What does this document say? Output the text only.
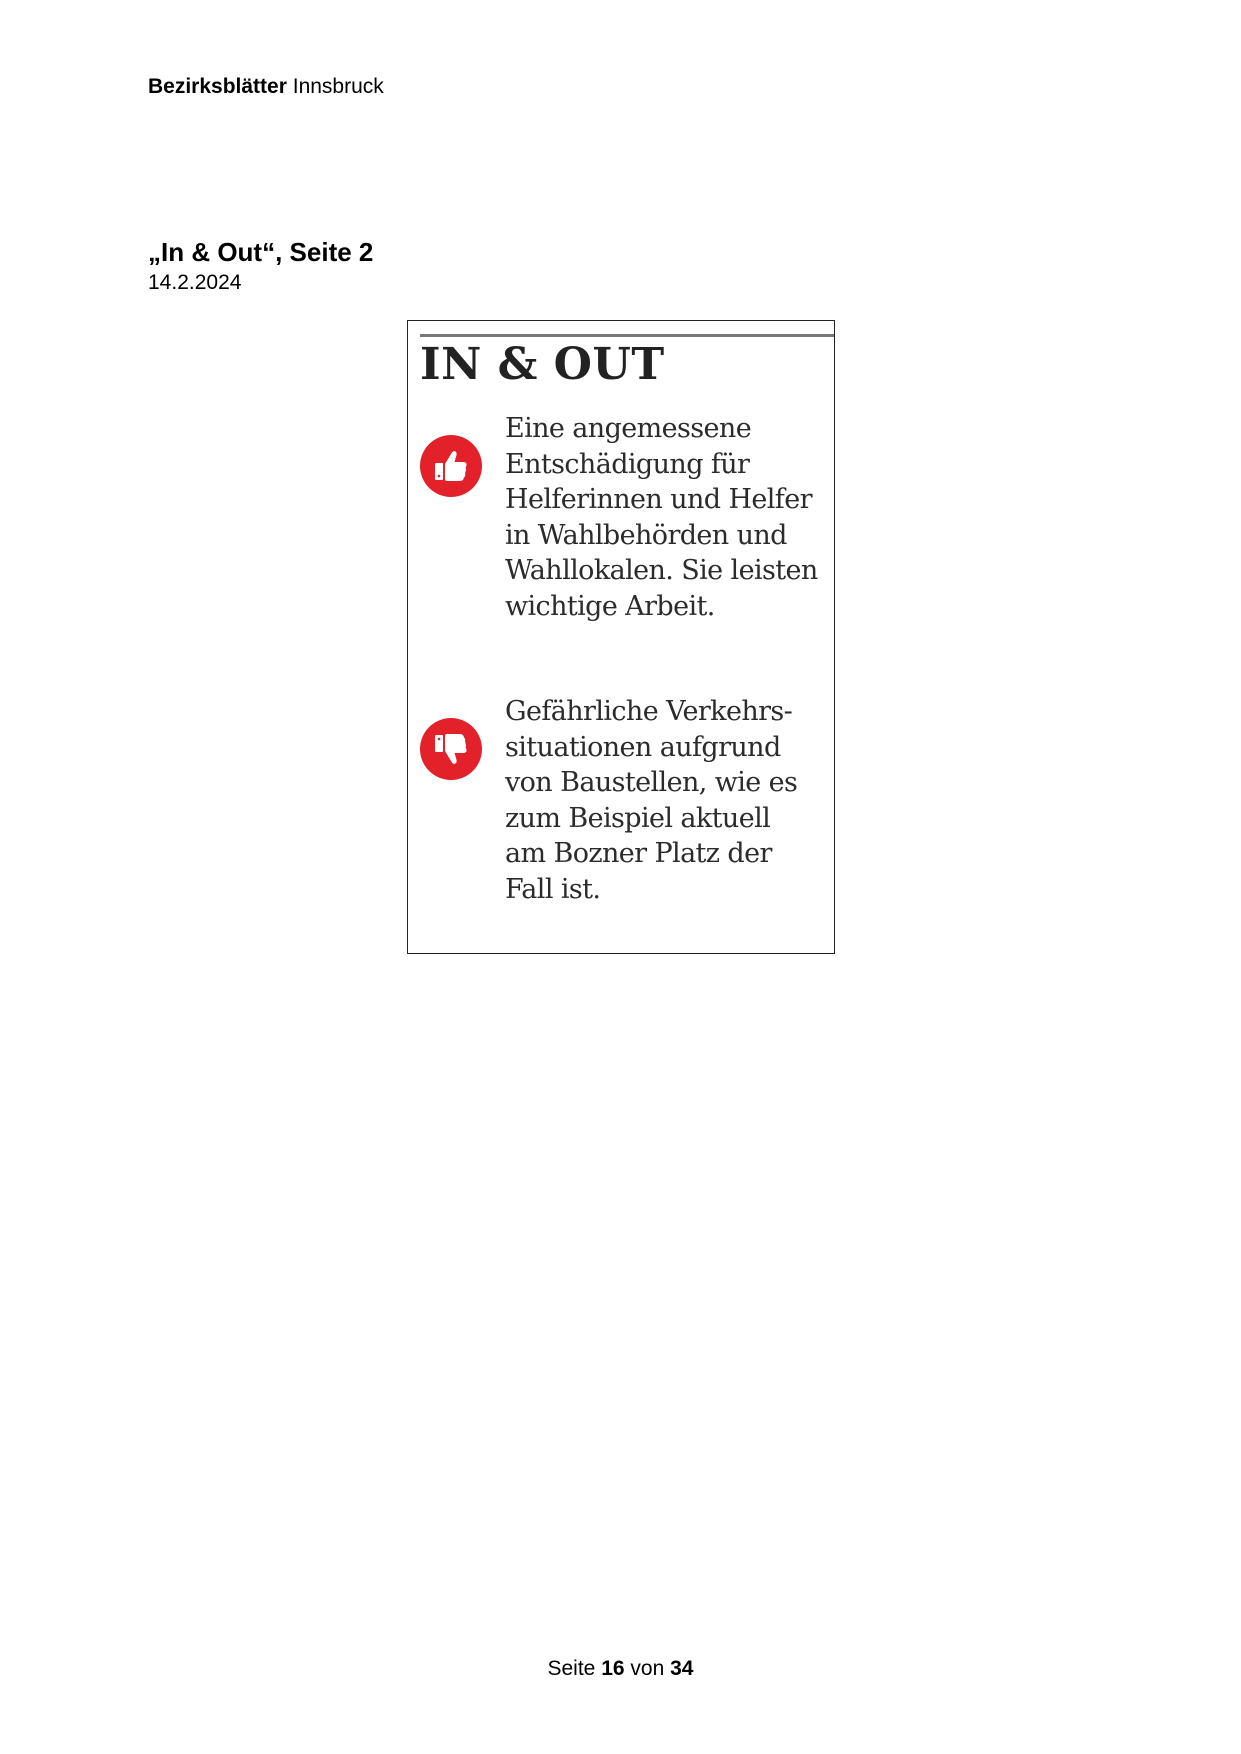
Bezirksblätter Innsbruck
„In & Out“, Seite 2
14.2.2024
IN & OUT
Eine angemessene
Entschädigung für
Helferinnen und Helfer
in Wahlbehörden und
Wahllokalen. Sie leisten
wichtige Arbeit.
Gefährliche Verkehrs-
situationen aufgrund
von Baustellen, wie es
zum Beispiel aktuell
am Bozner Platz der
Fall ist.
Seite 16 von 34
